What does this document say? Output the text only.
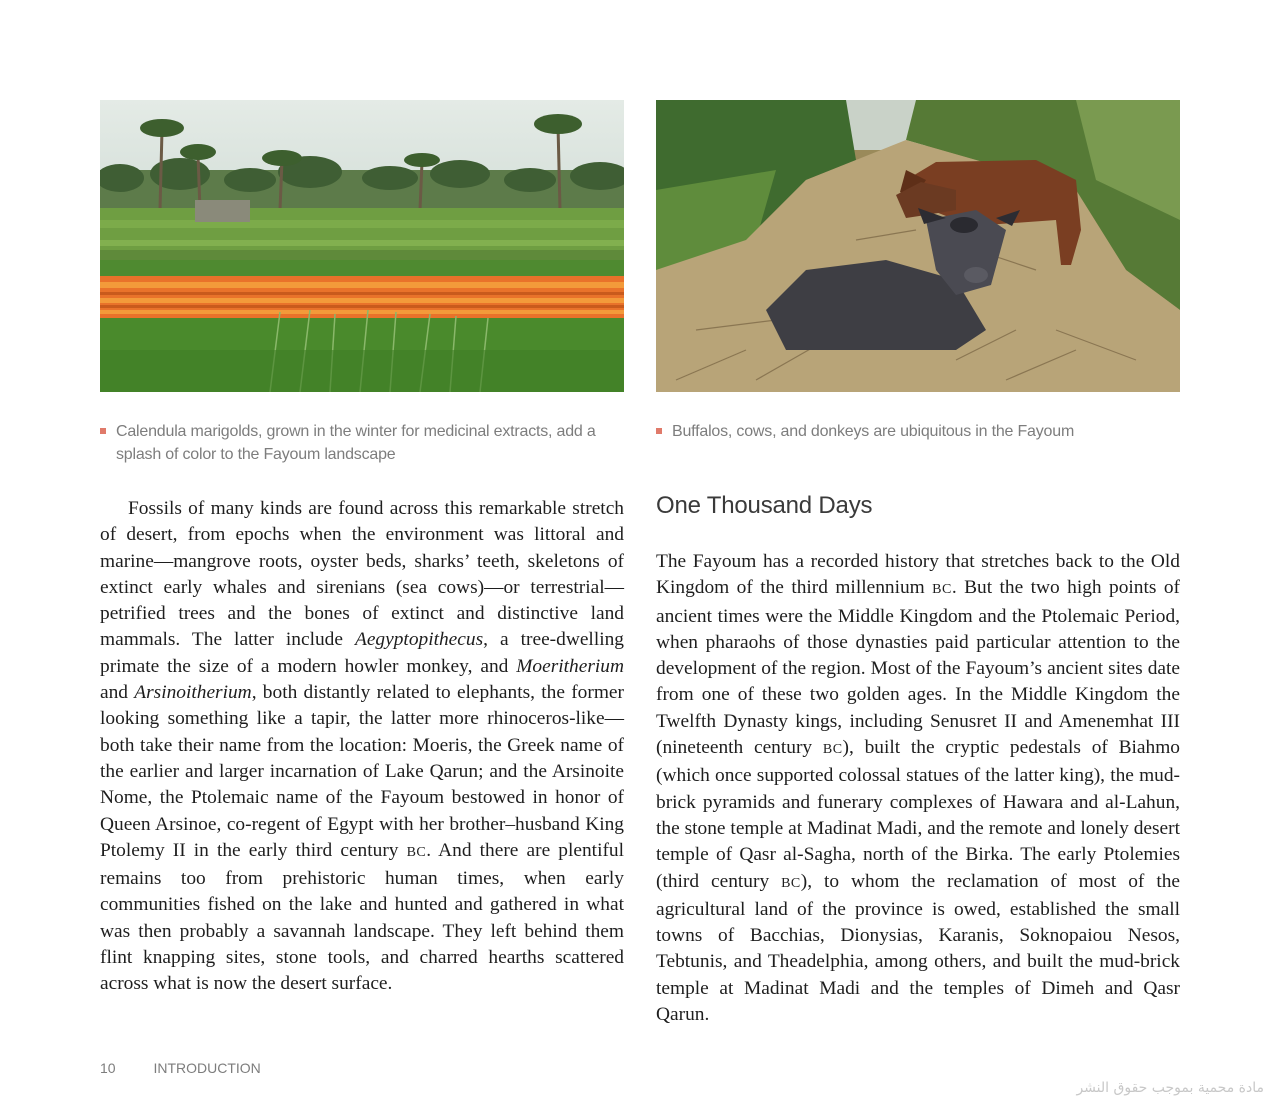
Calendula marigolds, grown in the winter for medicinal extracts, add a splash of color to the Fayoum landscape
Buffalos, cows, and donkeys are ubiquitous in the Fayoum

Fossils of many kinds are found across this remarkable stretch of desert, from epochs when the environment was littoral and marine—mangrove roots, oyster beds, sharks’ teeth, skeletons of extinct early whales and sirenians (sea cows)—or terrestrial—petrified trees and the bones of extinct and distinctive land mammals. The latter include Aegyptopithecus, a tree-dwelling primate the size of a modern howler monkey, and Moeritherium and Arsinoitherium, both distantly related to elephants, the former looking something like a tapir, the latter more rhinoceros-like—both take their name from the location: Moeris, the Greek name of the earlier and larger incarnation of Lake Qarun; and the Arsinoite Nome, the Ptolemaic name of the Fayoum bestowed in honor of Queen Arsinoe, co-regent of Egypt with her brother–husband King Ptolemy II in the early third century BC. And there are plentiful remains too from prehistoric human times, when early communities fished on the lake and hunted and gathered in what was then probably a savannah landscape. They left behind them flint knapping sites, stone tools, and charred hearths scattered across what is now the desert surface.

One Thousand Days

The Fayoum has a recorded history that stretches back to the Old Kingdom of the third millennium BC. But the two high points of ancient times were the Middle Kingdom and the Ptolemaic Period, when pharaohs of those dynasties paid particular attention to the development of the region. Most of the Fayoum’s ancient sites date from one of these two golden ages. In the Middle Kingdom the Twelfth Dynasty kings, including Senusret II and Amenemhat III (nineteenth century BC), built the cryptic pedestals of Biahmo (which once supported colossal statues of the latter king), the mud-brick pyramids and funerary complexes of Hawara and al-Lahun, the stone temple at Madinat Madi, and the remote and lonely desert temple of Qasr al-Sagha, north of the Birka. The early Ptolemies (third century BC), to whom the reclamation of most of the agricultural land of the province is owed, established the small towns of Bacchias, Dionysias, Karanis, Soknopaiou Nesos, Tebtunis, and Theadelphia, among others, and built the mud-brick temple at Madinat Madi and the temples of Dimeh and Qasr Qarun.

10	INTRODUCTION
مادة محمية بموجب حقوق النشر
